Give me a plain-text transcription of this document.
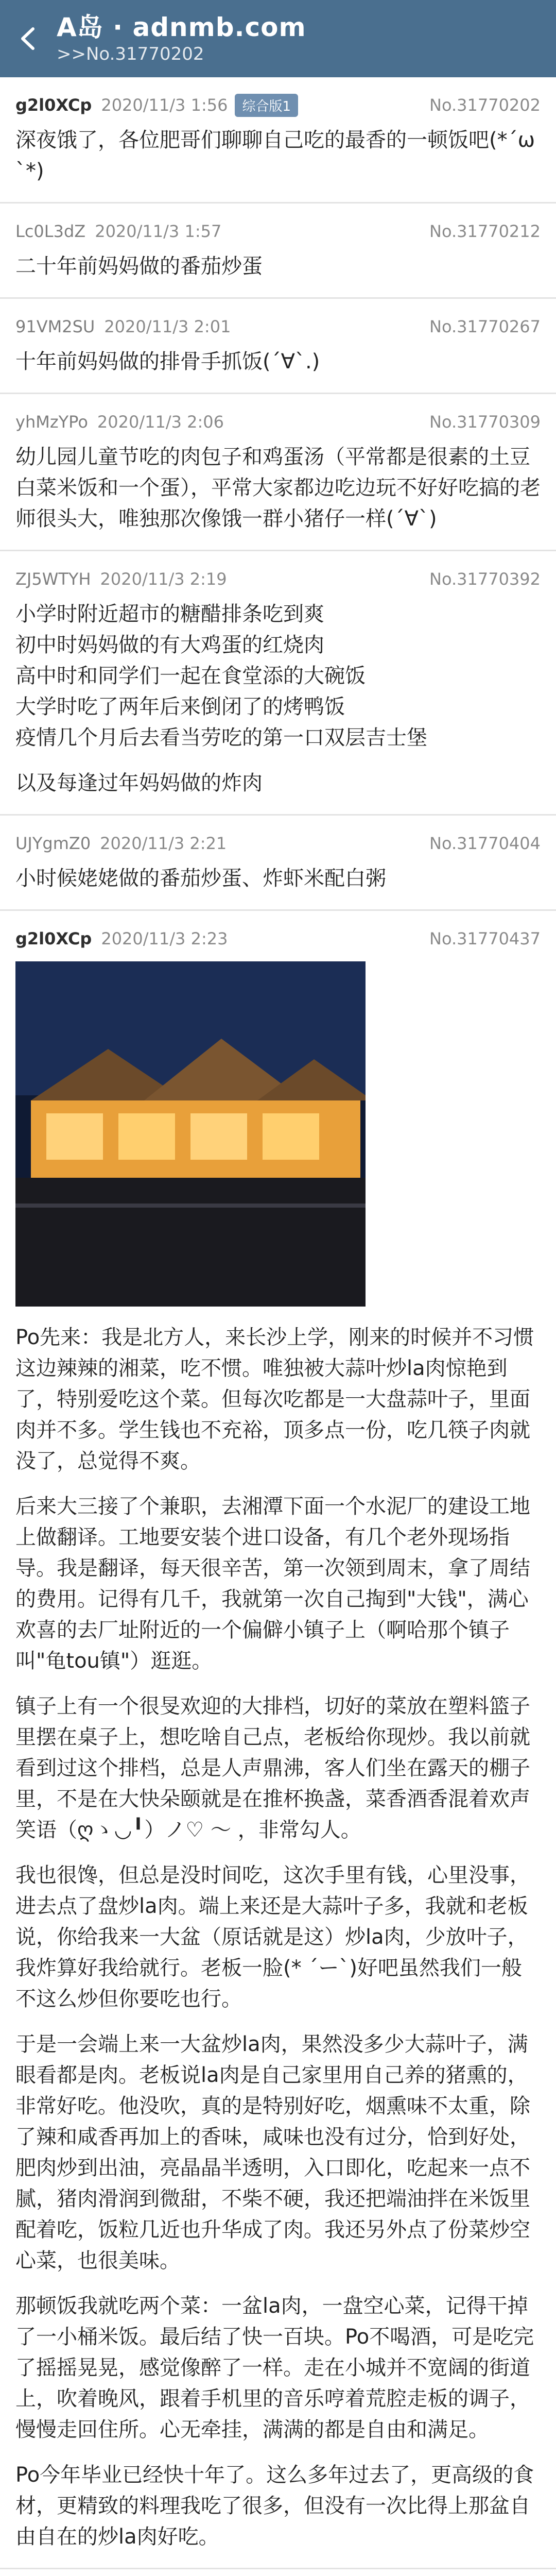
A岛 · adnmb.com
>>No.31770202
g2l0XCp 2020/11/3 1:56	综合版1	No.31770202

深夜饿了，各位肥哥们聊聊自己吃的最香的一顿饭吧(*´ω`*)

Lc0L3dZ 2020/11/3 1:57	No.31770212

二十年前妈妈做的番茄炒蛋

91VM2SU 2020/11/3 2:01	No.31770267

十年前妈妈做的排骨手抓饭(´∀`.)

yhMzYPo 2020/11/3 2:06	No.31770309

幼儿园儿童节吃的肉包子和鸡蛋汤（平常都是很素的土豆白菜米饭和一个蛋），平常大家都边吃边玩不好好吃搞的老师很头大，唯独那次像饿一群小猪仔一样(´∀`)

ZJ5WTYH 2020/11/3 2:19	No.31770392

小学时附近超市的糖醋排条吃到爽
初中时妈妈做的有大鸡蛋的红烧肉
高中时和同学们一起在食堂添的大碗饭
大学时吃了两年后来倒闭了的烤鸭饭
疫情几个月后去看当劳吃的第一口双层吉士堡

以及每逢过年妈妈做的炸肉

UJYgmZ0 2020/11/3 2:21	No.31770404

小时候姥姥做的番茄炒蛋、炸虾米配白粥

g2l0XCp 2020/11/3 2:23	No.31770437

Po先来：我是北方人，来长沙上学，刚来的时候并不习惯这边辣辣的湘菜，吃不惯。唯独被大蒜叶炒la肉惊艳到了，特别爱吃这个菜。但每次吃都是一大盘蒜叶子，里面肉并不多。学生钱也不充裕，顶多点一份，吃几筷子肉就没了，总觉得不爽。

后来大三接了个兼职，去湘潭下面一个水泥厂的建设工地上做翻译。工地要安装个进口设备，有几个老外现场指导。我是翻译，每天很辛苦，第一次领到周末，拿了周结的费用。记得有几千，我就第一次自己掏到"大钱"，满心欢喜的去厂址附近的一个偏僻小镇子上（啊哈那个镇子叫"龟tou镇"）逛逛。

镇子上有一个很旻欢迎的大排档，切好的菜放在塑料篮子里摆在桌子上，想吃啥自己点，老板给你现炒。我以前就看到过这个排档，总是人声鼎沸，客人们坐在露天的棚子里，不是在大快朵颐就是在推杯换盏，菜香酒香混着欢声笑语（ღゝ◡╹）ノ♡ 〜 ，非常勾人。

我也很馋，但总是没时间吃，这次手里有钱，心里没事，进去点了盘炒la肉。端上来还是大蒜叶子多，我就和老板说，你给我来一大盆（原话就是这）炒la肉，少放叶子，我炸算好我给就行。老板一脸(* ´ー`)好吧虽然我们一般不这么炒但你要吃也行。

于是一会端上来一大盆炒la肉，果然没多少大蒜叶子，满眼看都是肉。老板说la肉是自己家里用自己养的猪熏的，非常好吃。他没吹，真的是特别好吃，烟熏味不太重，除了辣和咸香再加上的香味，咸味也没有过分，恰到好处，肥肉炒到出油，亮晶晶半透明，入口即化，吃起来一点不腻，猪肉滑润到微甜，不柴不硬，我还把端油拌在米饭里配着吃，饭粒几近也升华成了肉。我还另外点了份菜炒空心菜，也很美味。

那顿饭我就吃两个菜：一盆la肉，一盘空心菜，记得干掉了一小桶米饭。最后结了快一百块。Po不喝酒，可是吃完了摇摇晃晃，感觉像醉了一样。走在小城并不宽阔的街道上，吹着晚风，跟着手机里的音乐哼着荒腔走板的调子，慢慢走回住所。心无牵挂，满满的都是自由和满足。

Po今年毕业已经快十年了。这么多年过去了，更高级的食材，更精致的料理我吃了很多，但没有一次比得上那盆自由自在的炒la肉好吃。
